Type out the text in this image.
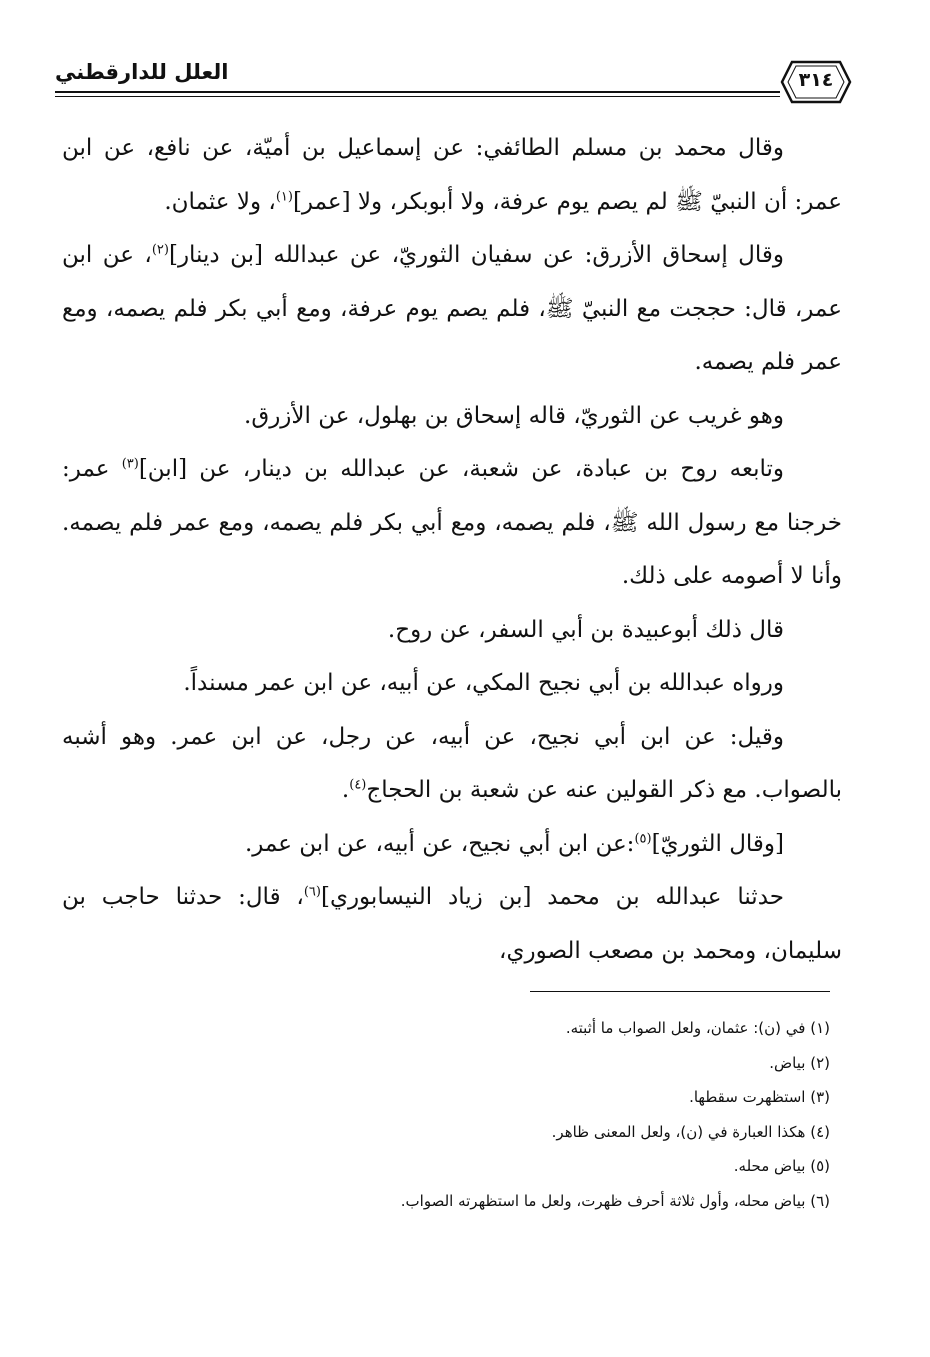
العلل للدارقطني	٣١٤

وقال محمد بن مسلم الطائفي: عن إسماعيل بن أميّة، عن نافع، عن ابن عمر: أن النبيّ ﷺ لم يصم يوم عرفة، ولا أبوبكر، ولا [عمر]$^{(١)}$، ولا عثمان.

وقال إسحاق الأزرق: عن سفيان الثوريّ، عن عبدالله [بن دينار]$^{(٢)}$، عن ابن عمر، قال: حججت مع النبيّ ﷺ، فلم يصم يوم عرفة، ومع أبي بكر فلم يصمه، ومع عمر فلم يصمه.

وهو غريب عن الثوريّ، قاله إسحاق بن بهلول، عن الأزرق.

وتابعه روح بن عبادة، عن شعبة، عن عبدالله بن دينار، عن [ابن]$^{(٣)}$ عمر: خرجنا مع رسول الله ﷺ، فلم يصمه، ومع أبي بكر فلم يصمه، ومع عمر فلم يصمه. وأنا لا أصومه على ذلك.

قال ذلك أبوعبيدة بن أبي السفر، عن روح.

ورواه عبدالله بن أبي نجيح المكي، عن أبيه، عن ابن عمر مسنداً.

وقيل: عن ابن أبي نجيح، عن أبيه، عن رجل، عن ابن عمر. وهو أشبه بالصواب. مع ذكر القولين عنه عن شعبة بن الحجاج$^{(٤)}$.

[وقال الثوريّ]$^{(٥)}$:عن ابن أبي نجيح، عن أبيه، عن ابن عمر.

حدثنا عبدالله بن محمد [بن زياد النيسابوري]$^{(٦)}$، قال: حدثنا حاجب بن سليمان، ومحمد بن مصعب الصوري،

(١) في (ن): عثمان، ولعل الصواب ما أثبته.
(٢) بياض.
(٣) استظهرت سقطها.
(٤) هكذا العبارة في (ن)، ولعل المعنى ظاهر.
(٥) بياض محله.
(٦) بياض محله، وأول ثلاثة أحرف ظهرت، ولعل ما استظهرته الصواب.
